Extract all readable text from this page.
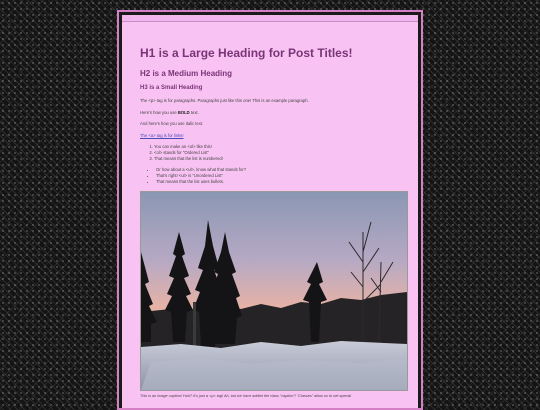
····
H1 is a Large Heading for Post Titles!
H2 is a Medium Heading
H3 is a Small Heading

The <p> tag is for paragraphs. Paragraphs just like this one! This is an example paragraph.

Here's how you use BOLD text.

And here's how you use italic text.

The <a> tag is for links!
1. You can make an <ol> like this!
2. <ol> stands for "Ordered List"
3. That means that the list is numbered!
• Or how about a <ul>, know what that stands for?
• That's right! <ul> is "Unordered List"
• That means that the list uses bullets.

This is an image caption! Huh? It's just a <p> tag! Ah, but we have added the class "caption"! "Classes" allow us to set special
